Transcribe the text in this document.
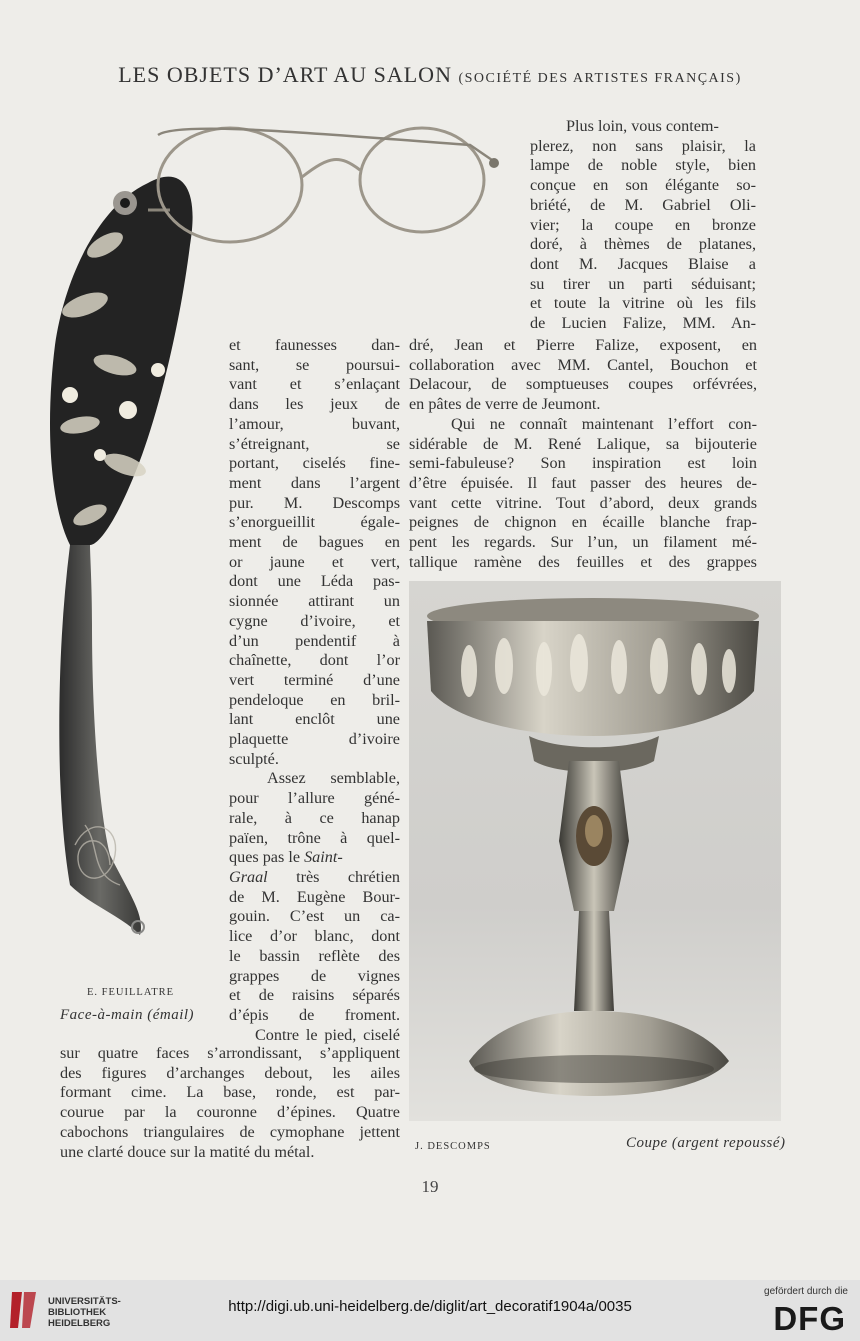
LES OBJETS D’ART AU SALON (SOCIÉTÉ DES ARTISTES FRANÇAIS)
E. FEUILLATRE
Face-à-main (émail)
Plus loin, vous contem-
plerez, non sans plaisir, la
lampe de noble style, bien
conçue en son élégante so-
briété, de M. Gabriel Oli-
vier; la coupe en bronze
doré, à thèmes de platanes,
dont M. Jacques Blaise a
su tirer un parti séduisant;
et toute la vitrine où les fils
de Lucien Falize, MM. An-
et faunesses dan-
sant, se poursui-
vant et s’enlaçant
dans les jeux de
l’amour, buvant,
s’étreignant, se
portant, ciselés fine-
ment dans l’argent
pur. M. Descomps
s’enorgueillit égale-
ment de bagues en
or jaune et vert,
dont une Léda pas-
sionnée attirant un
cygne d’ivoire, et
d’un pendentif à
chaînette, dont l’or
vert terminé d’une
pendeloque en bril-
lant enclôt une
plaquette d’ivoire
sculpté.
Assez semblable,
pour l’allure géné-
rale, à ce hanap
païen, trône à quel-
ques pas le Saint-
Graal très chrétien
de M. Eugène Bour-
gouin. C’est un ca-
lice d’or blanc, dont
le bassin reflète des
grappes de vignes
et de raisins séparés
d’épis de froment.
Contre le pied, ciselé
dré, Jean et Pierre Falize, exposent, en
collaboration avec MM. Cantel, Bouchon et
Delacour, de somptueuses coupes orfévrées,
en pâtes de verre de Jeumont.
Qui ne connaît maintenant l’effort con-
sidérable de M. René Lalique, sa bijouterie
semi-fabuleuse? Son inspiration est loin
d’être épuisée. Il faut passer des heures de-
vant cette vitrine. Tout d’abord, deux grands
peignes de chignon en écaille blanche frap-
pent les regards. Sur l’un, un filament mé-
tallique ramène des feuilles et des grappes
J. DESCOMPS	Coupe (argent repoussé)
sur quatre faces s’arrondissant, s’appliquent
des figures d’archanges debout, les ailes
formant cime. La base, ronde, est par-
courue par la couronne d’épines. Quatre
cabochons triangulaires de cymophane jettent
une clarté douce sur la matité du métal.
19
UNIVERSITÄTS-
BIBLIOTHEK
HEIDELBERG
http://digi.ub.uni-heidelberg.de/diglit/art_decoratif1904a/0035
gefördert durch die
DFG
